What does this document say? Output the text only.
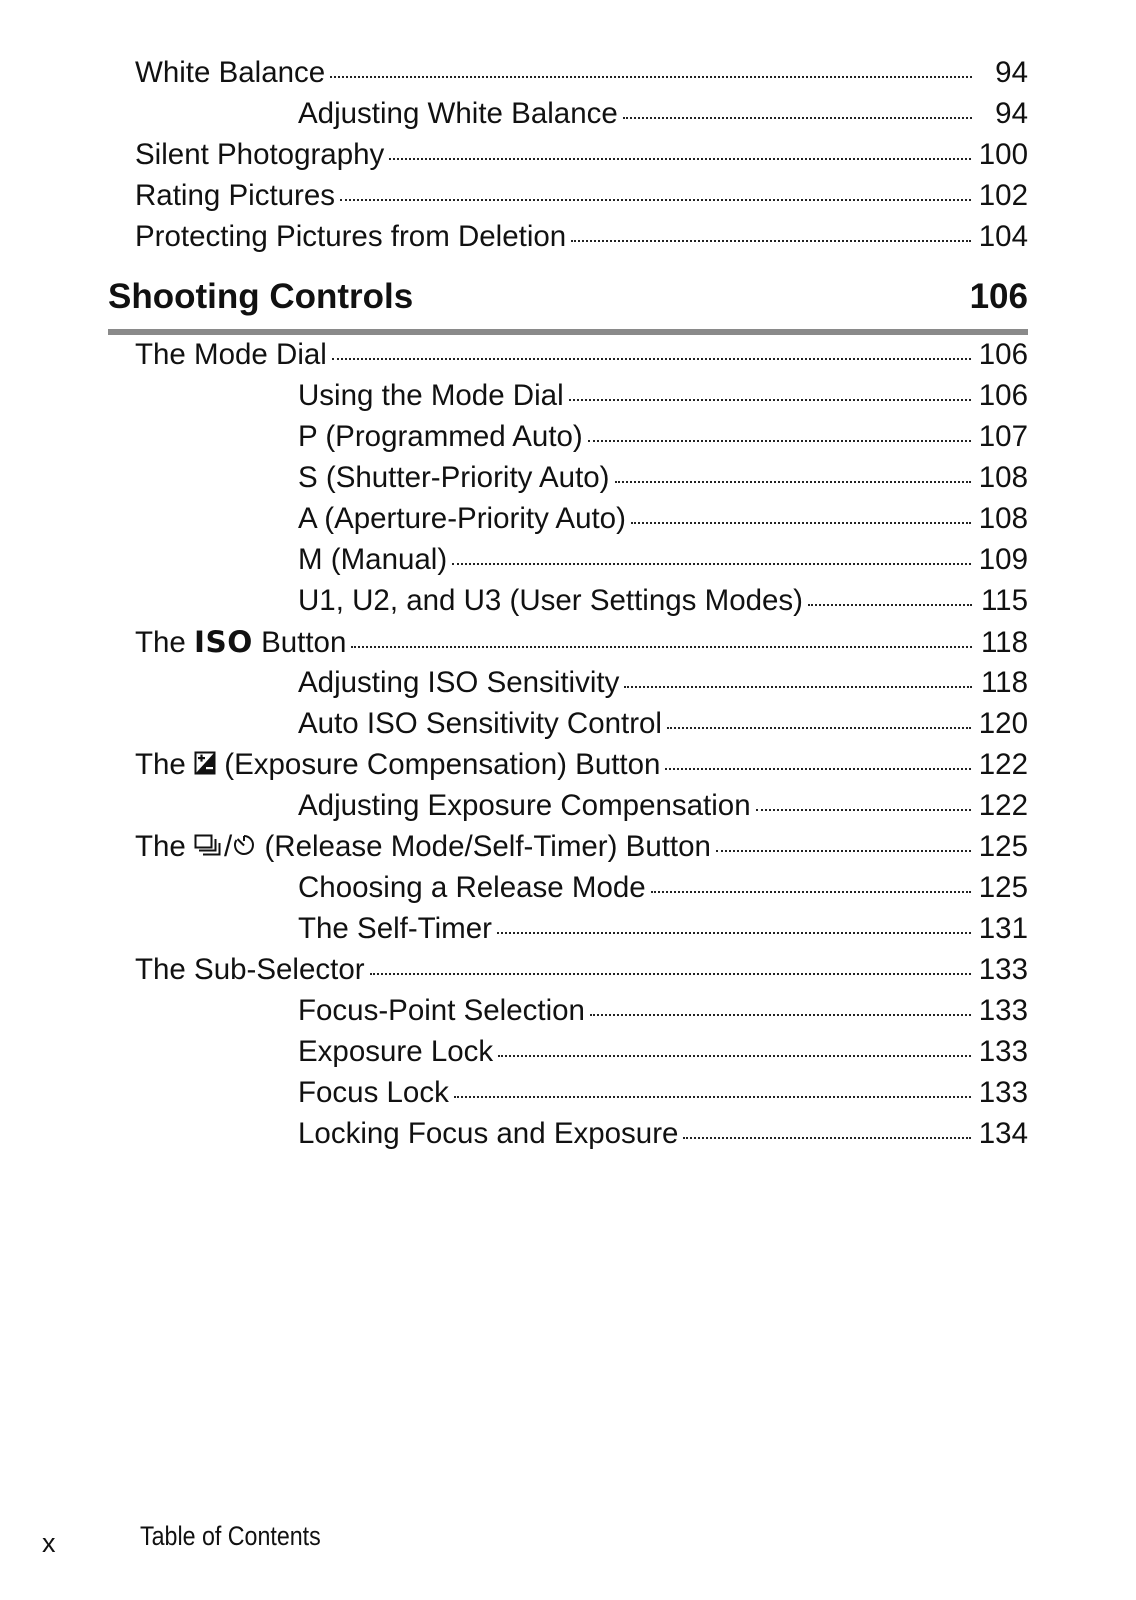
White Balance	94
Adjusting White Balance	94
Silent Photography	100
Rating Pictures	102
Protecting Pictures from Deletion	104
Shooting Controls	106
The Mode Dial	106
Using the Mode Dial	106
P (Programmed Auto)	107
S (Shutter-Priority Auto)	108
A (Aperture-Priority Auto)	108
M (Manual)	109
U1, U2, and U3 (User Settings Modes)	115
The ISO Button	118
Adjusting ISO Sensitivity	118
Auto ISO Sensitivity Control	120
The (Exposure Compensation) Button	122
Adjusting Exposure Compensation	122
The / (Release Mode/Self-Timer) Button	125
Choosing a Release Mode	125
The Self-Timer	131
The Sub-Selector	133
Focus-Point Selection	133
Exposure Lock	133
Focus Lock	133
Locking Focus and Exposure	134
x	Table of Contents
